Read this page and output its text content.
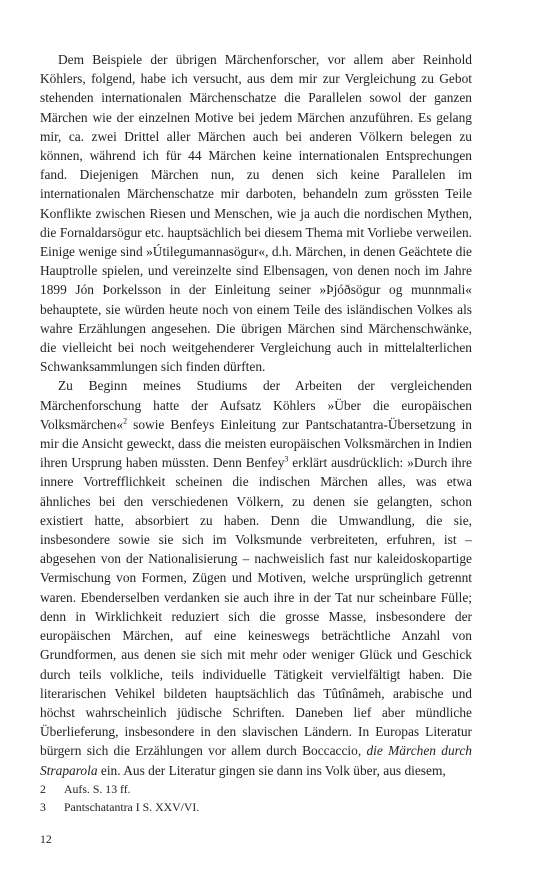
Dem Beispiele der übrigen Märchenforscher, vor allem aber Reinhold Köhlers, folgend, habe ich versucht, aus dem mir zur Vergleichung zu Gebot stehenden internationalen Märchenschatze die Parallelen sowol der ganzen Märchen wie der einzelnen Motive bei jedem Märchen anzuführen. Es gelang mir, ca. zwei Drittel aller Märchen auch bei anderen Völkern belegen zu können, während ich für 44 Märchen keine internationalen Entsprechungen fand. Diejenigen Märchen nun, zu denen sich keine Parallelen im internationalen Märchenschatze mir darboten, behandeln zum grössten Teile Konflikte zwischen Riesen und Menschen, wie ja auch die nordischen Mythen, die Fornaldarsögur etc. hauptsächlich bei diesem Thema mit Vorliebe verweilen. Einige wenige sind »Útilegumannasögur«, d.h. Märchen, in denen Geächtete die Hauptrolle spielen, und vereinzelte sind Elbensagen, von denen noch im Jahre 1899 Jón Þorkelsson in der Einleitung seiner »Þjóðsögur og munnmali« behauptete, sie würden heute noch von einem Teile des isländischen Volkes als wahre Erzählungen angesehen. Die übrigen Märchen sind Märchenschwänke, die vielleicht bei noch weitgehenderer Vergleichung auch in mittelalterlichen Schwanksammlungen sich finden dürften.

Zu Beginn meines Studiums der Arbeiten der vergleichenden Märchenforschung hatte der Aufsatz Köhlers »Über die europäischen Volksmärchen«$^2$ sowie Benfeys Einleitung zur Pantschatantra-Übersetzung in mir die Ansicht geweckt, dass die meisten europäischen Volksmärchen in Indien ihren Ursprung haben müssten. Denn Benfey$^3$ erklärt ausdrücklich: »Durch ihre innere Vortrefflichkeit scheinen die indischen Märchen alles, was etwa ähnliches bei den verschiedenen Völkern, zu denen sie gelangten, schon existiert hatte, absorbiert zu haben. Denn die Umwandlung, die sie, insbesondere sowie sie sich im Volksmunde verbreiteten, erfuhren, ist – abgesehen von der Nationalisierung – nachweislich fast nur kaleidoskopartige Vermischung von Formen, Zügen und Motiven, welche ursprünglich getrennt waren. Ebenderselben verdanken sie auch ihre in der Tat nur scheinbare Fülle; denn in Wirklichkeit reduziert sich die grosse Masse, insbesondere der europäischen Märchen, auf eine keineswegs beträchtliche Anzahl von Grundformen, aus denen sie sich mit mehr oder weniger Glück und Geschick durch teils volkliche, teils individuelle Tätigkeit vervielfältigt haben. Die literarischen Vehikel bildeten hauptsächlich das Tûtînâmeh, arabische und höchst wahrscheinlich jüdische Schriften. Daneben lief aber mündliche Überlieferung, insbesondere in den slavischen Ländern. In Europas Literatur bürgern sich die Erzählungen vor allem durch Boccaccio, die Märchen durch Straparola ein. Aus der Literatur gingen sie dann ins Volk über, aus diesem,

2	Aufs. S. 13 ff.
3	Pantschatantra I S. XXV/VI.
12
